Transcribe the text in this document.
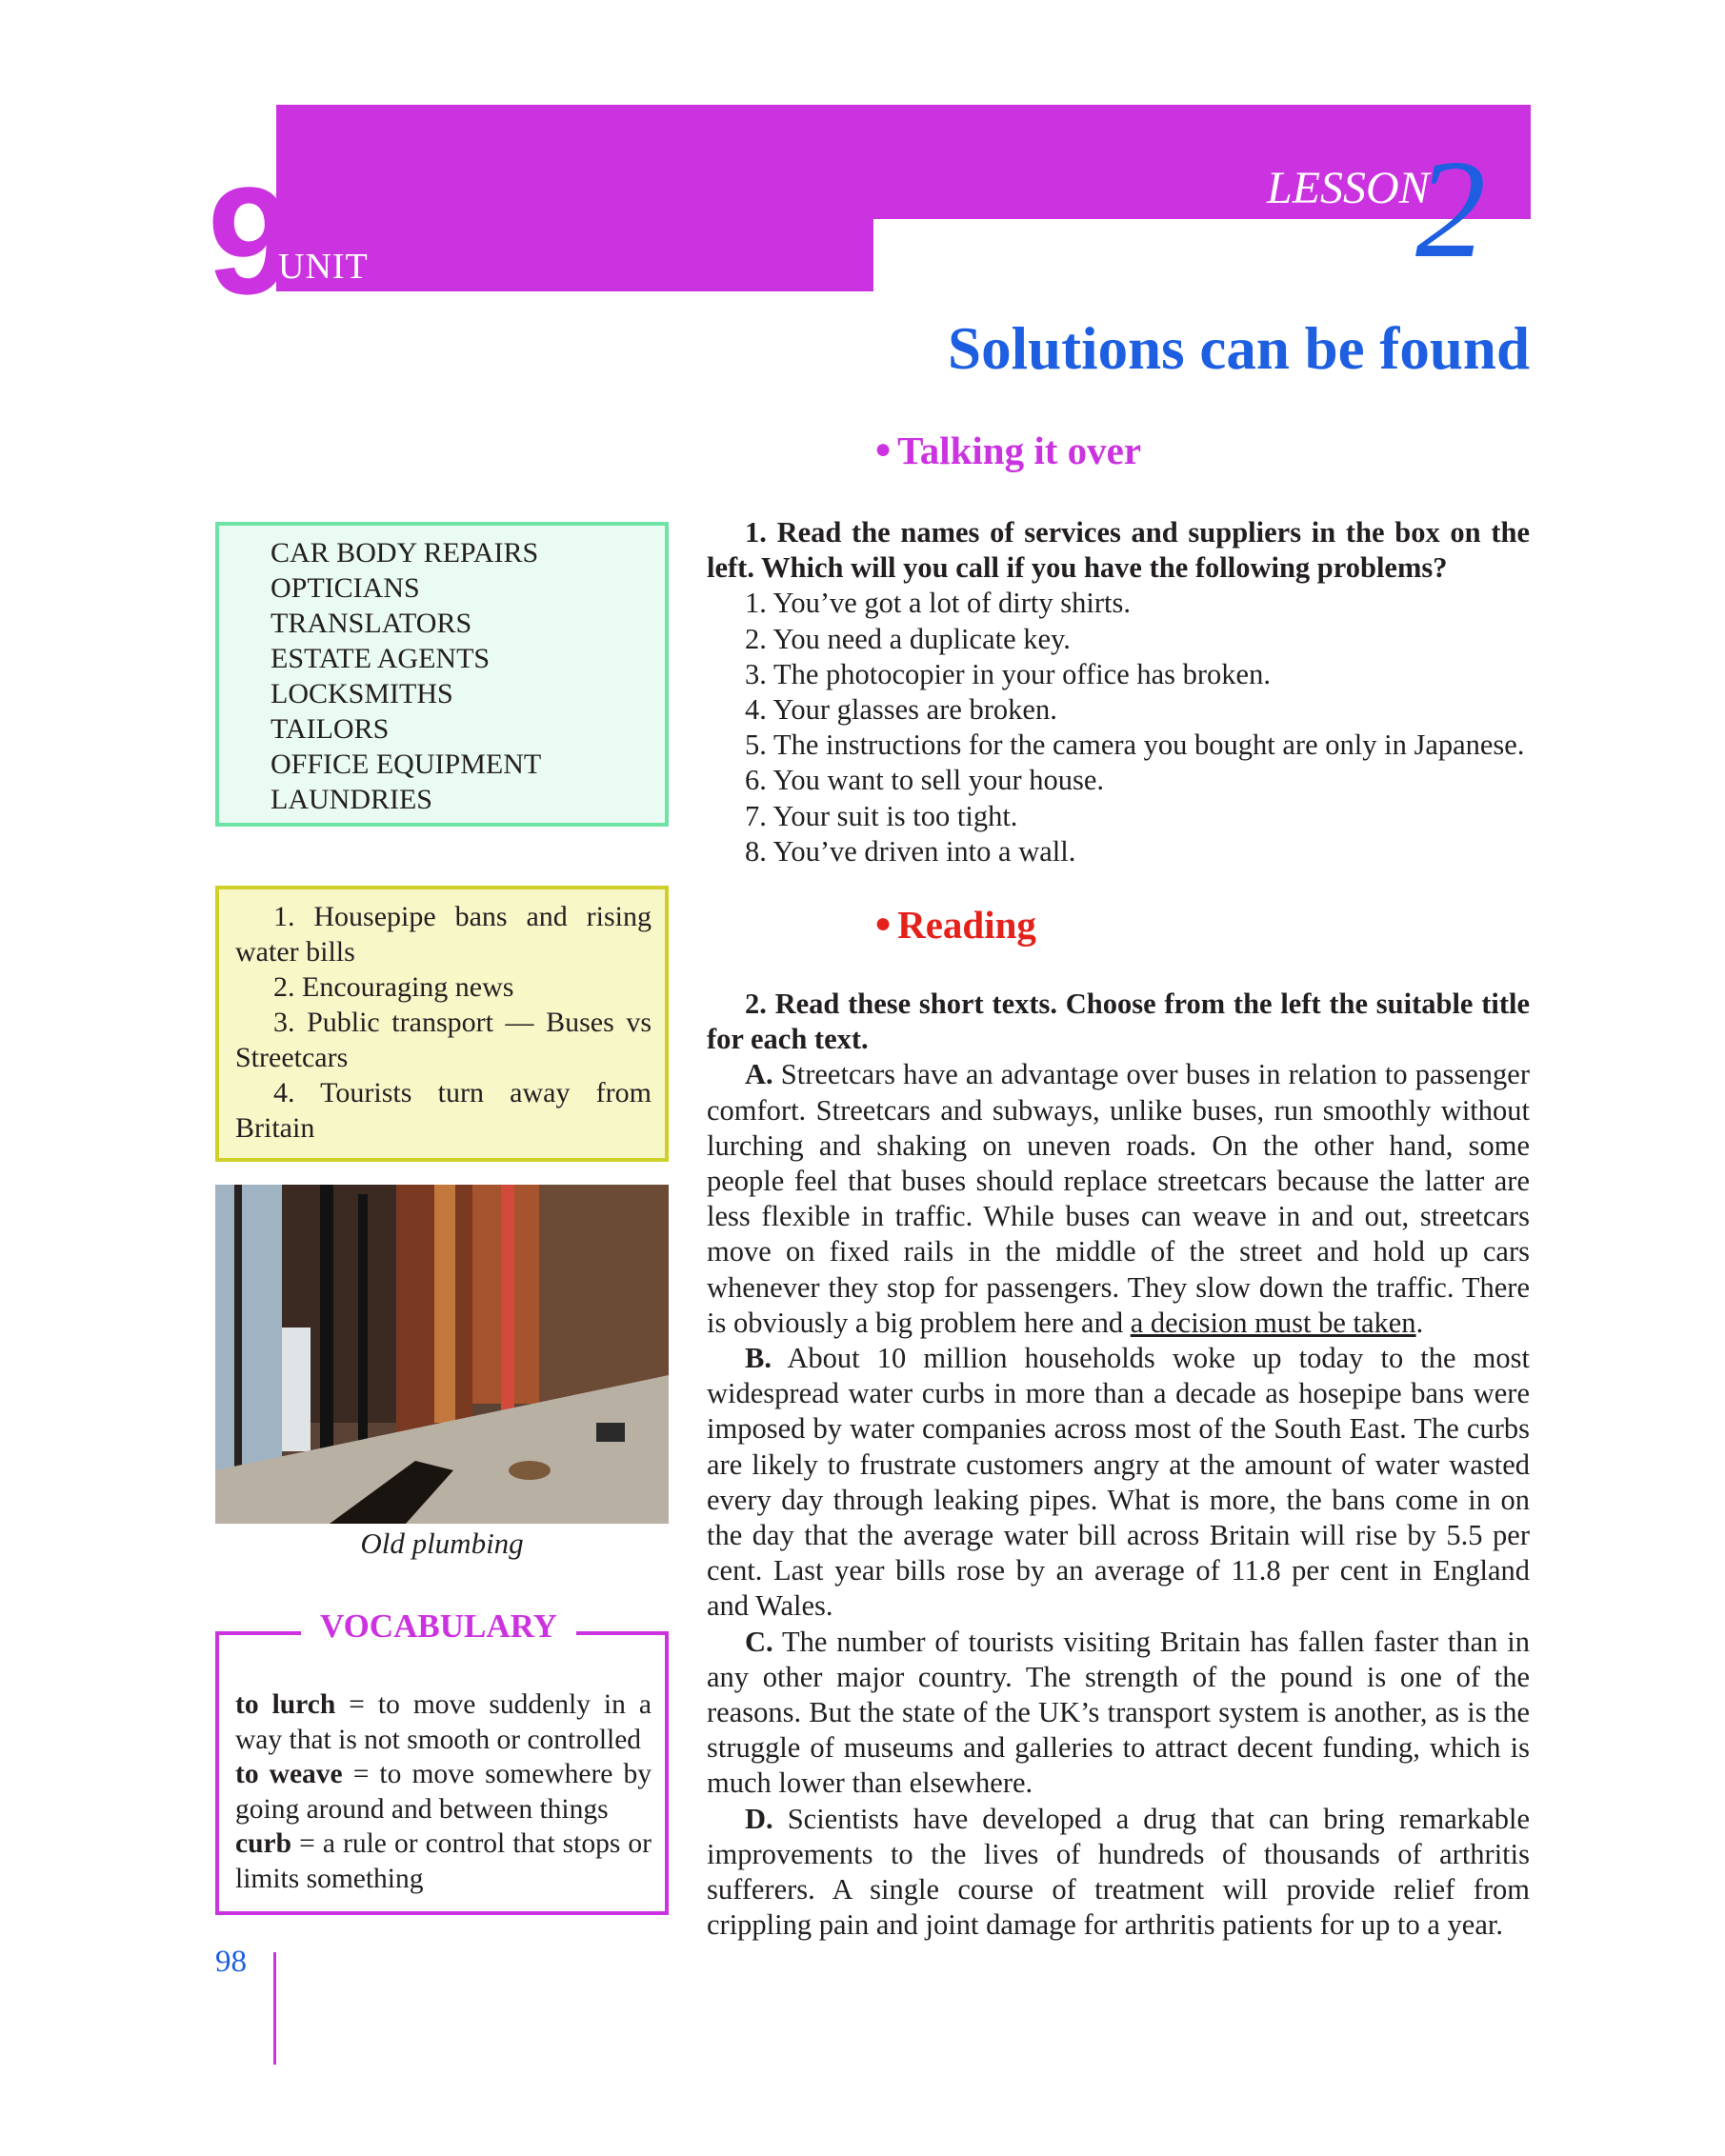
9
UNIT
LESSON
2
Solutions can be found
● Talking it over
● Reading
CAR BODY REPAIRS
OPTICIANS
TRANSLATORS
ESTATE AGENTS
LOCKSMITHS
TAILORS
OFFICE EQUIPMENT
LAUNDRIES
1. Housepipe bans and rising water bills
2. Encouraging news
3. Public transport — Buses vs Streetcars
4. Tourists turn away from Britain
Old plumbing
to lurch = to move suddenly in a way that is not smooth or controlled
to weave = to move somewhere by going around and between things
curb = a rule or control that stops or limits something
VOCABULARY
1. Read the names of services and suppliers in the box on the left. Which will you call if you have the following problems?
1. You’ve got a lot of dirty shirts.
2. You need a duplicate key.
3. The photocopier in your office has broken.
4. Your glasses are broken.
5. The instructions for the camera you bought are only in Japanese.
6. You want to sell your house.
7. Your suit is too tight.
8. You’ve driven into a wall.
2. Read these short texts. Choose from the left the suitable title for each text.
A. Streetcars have an advantage over buses in relation to passenger comfort. Streetcars and subways, unlike buses, run smoothly without lurching and shaking on uneven roads. On the other hand, some people feel that buses should replace streetcars because the latter are less flexible in traffic. While buses can weave in and out, streetcars move on fixed rails in the middle of the street and hold up cars whenever they stop for passengers. They slow down the traffic. There is obviously a big problem here and a decision must be taken.
B. About 10 million households woke up today to the most widespread water curbs in more than a decade as hosepipe bans were imposed by water companies across most of the South East. The curbs are likely to frustrate customers angry at the amount of water wasted every day through leaking pipes. What is more, the bans come in on the day that the average water bill across Britain will rise by 5.5 per cent. Last year bills rose by an average of 11.8 per cent in England and Wales.
C. The number of tourists visiting Britain has fallen faster than in any other major country. The strength of the pound is one of the reasons. But the state of the UK’s transport system is another, as is the struggle of museums and galleries to attract decent funding, which is much lower than elsewhere.
D. Scientists have developed a drug that can bring remarkable improvements to the lives of hundreds of thousands of arthritis sufferers. A single course of treatment will provide relief from crippling pain and joint damage for arthritis patients for up to a year.
98
